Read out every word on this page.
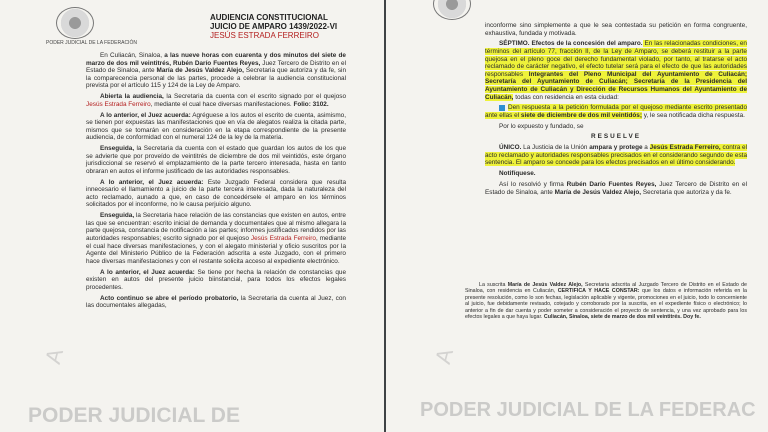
PODER JUDICIAL DE LA FEDERACIÓN
AUDIENCIA CONSTITUCIONAL
JUICIO DE AMPARO 1439/2022-VI
JESÚS ESTRADA FERREIRO
A
PODER JUDICIAL DE

En Culiacán, Sinaloa, a las nueve horas con cuarenta y dos minutos del siete de marzo de dos mil veintitrés, Rubén Darío Fuentes Reyes, Juez Tercero de Distrito en el Estado de Sinaloa, ante María de Jesús Valdez Alejo, Secretaria que autoriza y da fe, sin la comparecencia personal de las partes, procede a celebrar la audiencia constitucional prevista por el artículo 115 y 124 de la Ley de Amparo.

Abierta la audiencia, la Secretaria da cuenta con el escrito signado por el quejoso Jesús Estrada Ferreiro, mediante el cual hace diversas manifestaciones. Folio: 3102.

A lo anterior, el Juez acuerda: Agréguese a los autos el escrito de cuenta, asimismo, se tienen por expuestas las manifestaciones que en vía de alegatos realiza la citada parte, mismos que se tomarán en consideración en la etapa correspondiente de la presente audiencia, de conformidad con el numeral 124 de la ley de la materia.

Enseguida, la Secretaria da cuenta con el estado que guardan los autos de los que se advierte que por proveído de veintitrés de diciembre de dos mil veintidós, este órgano jurisdiccional se reservó el emplazamiento de la parte tercero interesada, hasta en tanto obraran en autos el informe justificado de las autoridades responsables.

A lo anterior, el Juez acuerda: Este Juzgado Federal considera que resulta innecesario el llamamiento a juicio de la parte tercera interesada, dada la naturaleza del acto reclamado, aunado a que, en caso de concedérsele el amparo en los términos solicitados por el inconforme, no le causa perjuicio alguno.

Enseguida, la Secretaria hace relación de las constancias que existen en autos, entre las que se encuentran: escrito inicial de demanda y documentales que al mismo allegara la parte quejosa, constancia de notificación a las partes; informes justificados rendidos por las autoridades responsables; escrito signado por el quejoso Jesús Estrada Ferreiro, mediante el cual hace diversas manifestaciones, y con el alegato ministerial y oficio suscritos por la Agente del Ministerio Público de la Federación adscrita a este Juzgado, con el primero hace diversas manifestaciones y con el restante solicita acceso al expediente electrónico.

A lo anterior, el Juez acuerda: Se tiene por hecha la relación de constancias que existen en autos del presente juicio biinstancial, para todos los efectos legales procedentes.

Acto continuo se abre el período probatorio, la Secretaria da cuenta al Juez, con las documentales allegadas,

inconforme sino simplemente a que le sea contestada su petición en forma congruente, exhaustiva, fundada y motivada.

SÉPTIMO. Efectos de la concesión del amparo. En las relacionadas condiciones, en términos del artículo 77, fracción II, de la Ley de Amparo, se deberá restituir a la parte quejosa en el pleno goce del derecho fundamental violado, por tanto, al tratarse el acto reclamado de carácter negativo, el efecto tutelar será para el efecto de que las autoridades responsables Integrantes del Pleno Municipal del Ayuntamiento de Culiacán; Secretaría del Ayuntamiento de Culiacán; Secretaría de la Presidencia del Ayuntamiento de Culiacán y Dirección de Recursos Humanos del Ayuntamiento de Culiacán, todas con residencia en esta ciudad:

Den respuesta a la petición formulada por el quejoso mediante escrito presentado ante ellas el siete de diciembre de dos mil veintidós; y, le sea notificada dicha respuesta.

Por lo expuesto y fundado, se

RESUELVE

ÚNICO. La Justicia de la Unión ampara y protege a Jesús Estrada Ferreiro, contra el acto reclamado y autoridades responsables precisados en el considerando segundo de esta sentencia. El amparo se concede para los efectos precisados en el último considerando.

Notifíquese.

Así lo resolvió y firma Rubén Darío Fuentes Reyes, Juez Tercero de Distrito en el Estado de Sinaloa, ante María de Jesús Valdez Alejo, Secretaria que autoriza y da fe.

La suscrita María de Jesús Valdez Alejo, Secretaria adscrita al Juzgado Tercero de Distrito en el Estado de Sinaloa, con residencia en Culiacán, CERTIFICA Y HACE CONSTAR: que los datos e información referida en la presente resolución, como lo son fechas, legislación aplicable y vigente, promociones en el juicio, todo lo concerniente al juicio, fue debidamente revisado, cotejado y corroborado por la suscrita, en el expediente físico o electrónico; lo anterior a fin de dar cuenta y poder someter a consideración el proyecto de sentencia, y una vez aprobado para los efectos legales a que haya lugar. Culiacán, Sinaloa, siete de marzo de dos mil veintitrés. Doy fe.

A
PODER JUDICIAL DE LA FEDERAC
